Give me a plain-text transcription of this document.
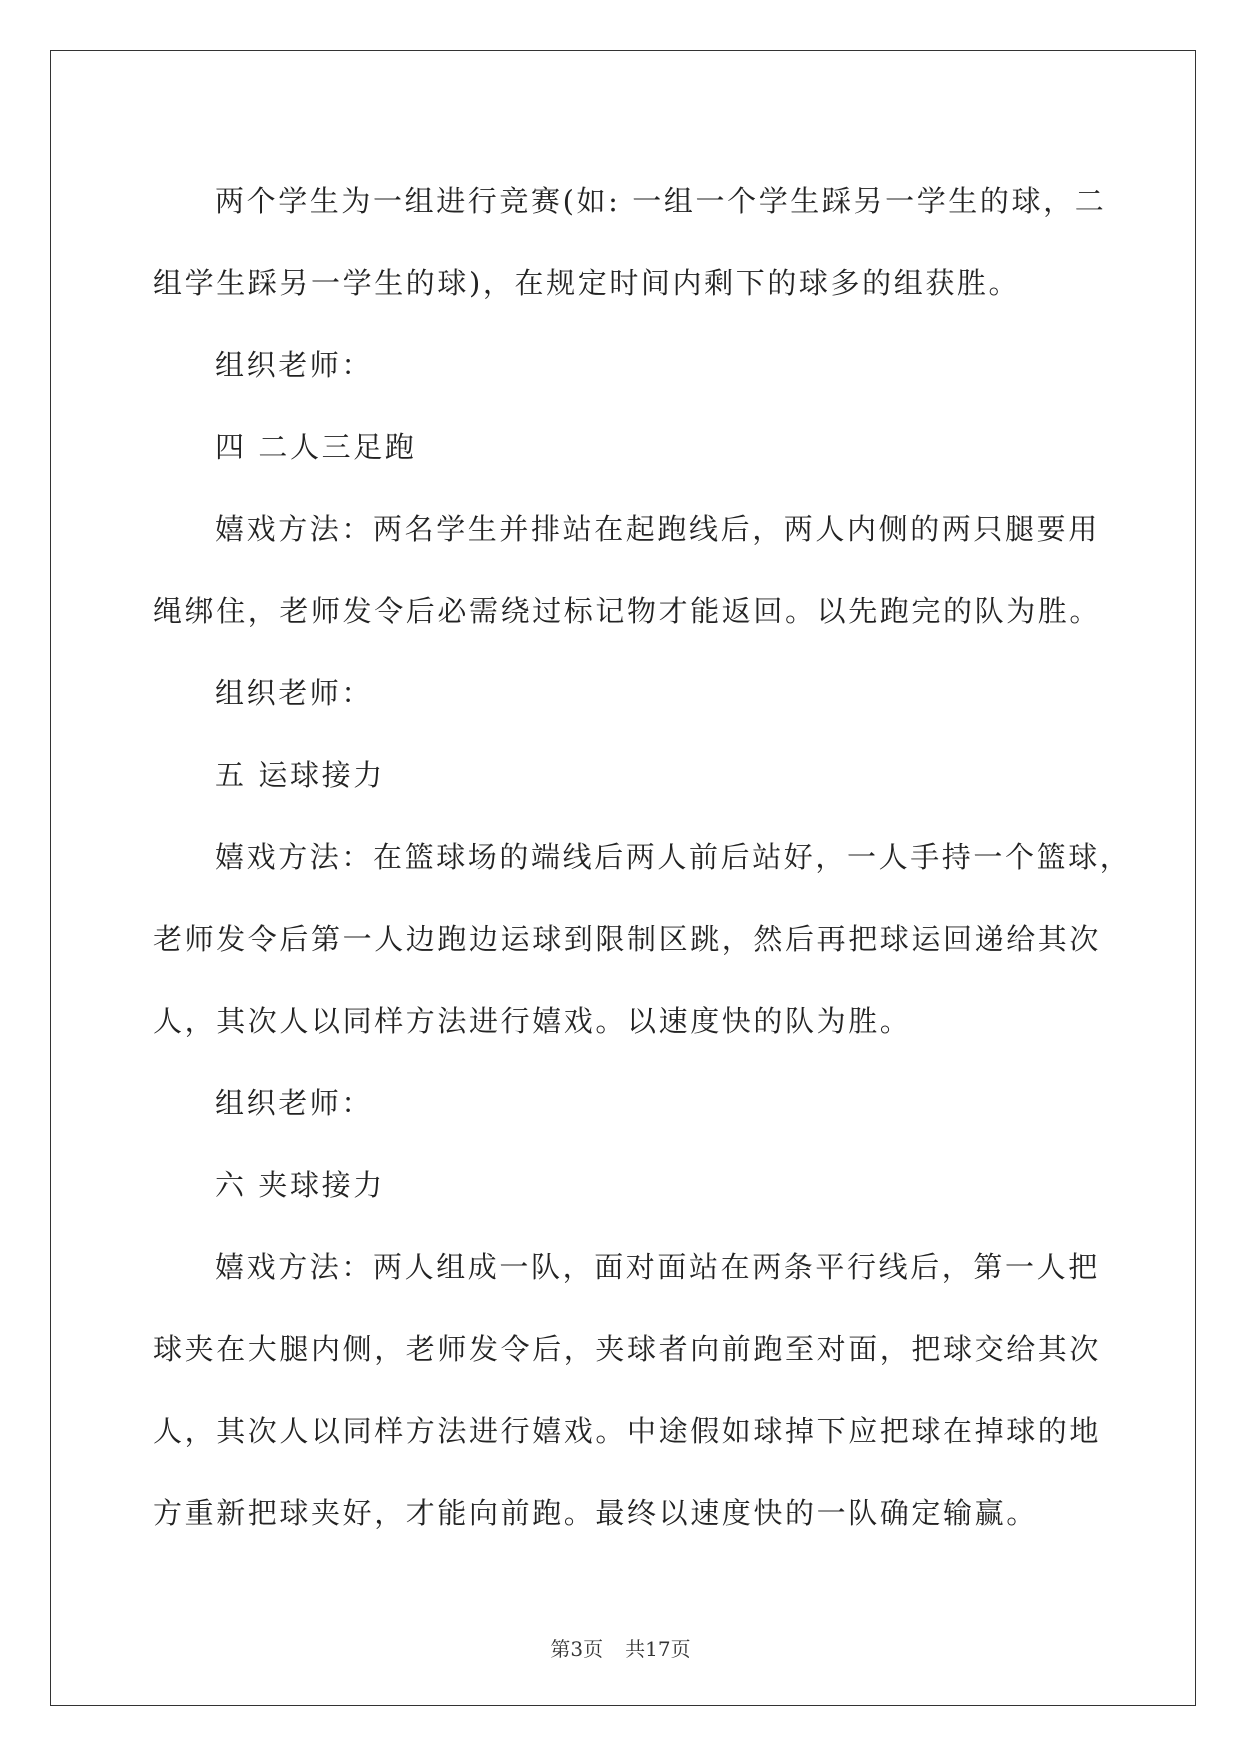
两个学生为一组进行竞赛(如: 一组一个学生踩另一学生的球，二

组学生踩另一学生的球)，在规定时间内剩下的球多的组获胜。

组织老师：

四 二人三足跑

嬉戏方法：两名学生并排站在起跑线后，两人内侧的两只腿要用

绳绑住，老师发令后必需绕过标记物才能返回。以先跑完的队为胜。

组织老师：

五 运球接力

嬉戏方法：在篮球场的端线后两人前后站好，一人手持一个篮球，

老师发令后第一人边跑边运球到限制区跳，然后再把球运回递给其次

人，其次人以同样方法进行嬉戏。以速度快的队为胜。

组织老师：

六 夹球接力

嬉戏方法：两人组成一队，面对面站在两条平行线后，第一人把

球夹在大腿内侧，老师发令后，夹球者向前跑至对面，把球交给其次

人，其次人以同样方法进行嬉戏。中途假如球掉下应把球在掉球的地

方重新把球夹好，才能向前跑。最终以速度快的一队确定输赢。

第3页 共17页
